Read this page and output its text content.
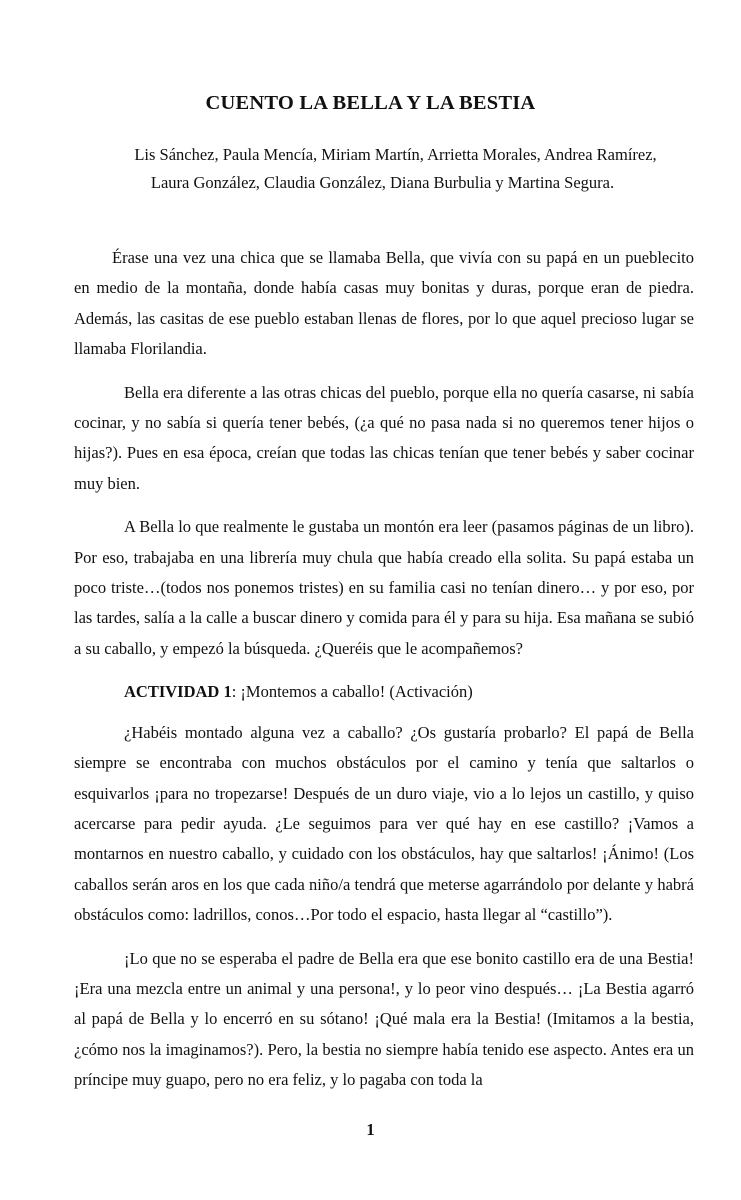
CUENTO LA BELLA Y LA BESTIA
Lis Sánchez, Paula Mencía, Miriam Martín, Arrietta Morales, Andrea Ramírez,
Laura González, Claudia González, Diana Burbulia y Martina Segura.

Érase una vez una chica que se llamaba Bella, que vivía con su papá en un pueblecito en medio de la montaña, donde había casas muy bonitas y duras, porque eran de piedra. Además, las casitas de ese pueblo estaban llenas de flores, por lo que aquel precioso lugar se llamaba Florilandia.

Bella era diferente a las otras chicas del pueblo, porque ella no quería casarse, ni sabía cocinar, y no sabía si quería tener bebés, (¿a qué no pasa nada si no queremos tener hijos o hijas?). Pues en esa época, creían que todas las chicas tenían que tener bebés y saber cocinar muy bien.

A Bella lo que realmente le gustaba un montón era leer (pasamos páginas de un libro). Por eso, trabajaba en una librería muy chula que había creado ella solita. Su papá estaba un poco triste…(todos nos ponemos tristes) en su familia casi no tenían dinero… y por eso, por las tardes, salía a la calle a buscar dinero y comida para él y para su hija. Esa mañana se subió a su caballo, y empezó la búsqueda. ¿Queréis que le acompañemos?

ACTIVIDAD 1: ¡Montemos a caballo! (Activación)

¿Habéis montado alguna vez a caballo? ¿Os gustaría probarlo? El papá de Bella siempre se encontraba con muchos obstáculos por el camino y tenía que saltarlos o esquivarlos ¡para no tropezarse! Después de un duro viaje, vio a lo lejos un castillo, y quiso acercarse para pedir ayuda. ¿Le seguimos para ver qué hay en ese castillo? ¡Vamos a montarnos en nuestro caballo, y cuidado con los obstáculos, hay que saltarlos! ¡Ánimo! (Los caballos serán aros en los que cada niño/a tendrá que meterse agarrándolo por delante y habrá obstáculos como: ladrillos, conos…Por todo el espacio, hasta llegar al “castillo”).

¡Lo que no se esperaba el padre de Bella era que ese bonito castillo era de una Bestia! ¡Era una mezcla entre un animal y una persona!, y lo peor vino después… ¡La Bestia agarró al papá de Bella y lo encerró en su sótano! ¡Qué mala era la Bestia! (Imitamos a la bestia, ¿cómo nos la imaginamos?). Pero, la bestia no siempre había tenido ese aspecto. Antes era un príncipe muy guapo, pero no era feliz, y lo pagaba con toda la

1
